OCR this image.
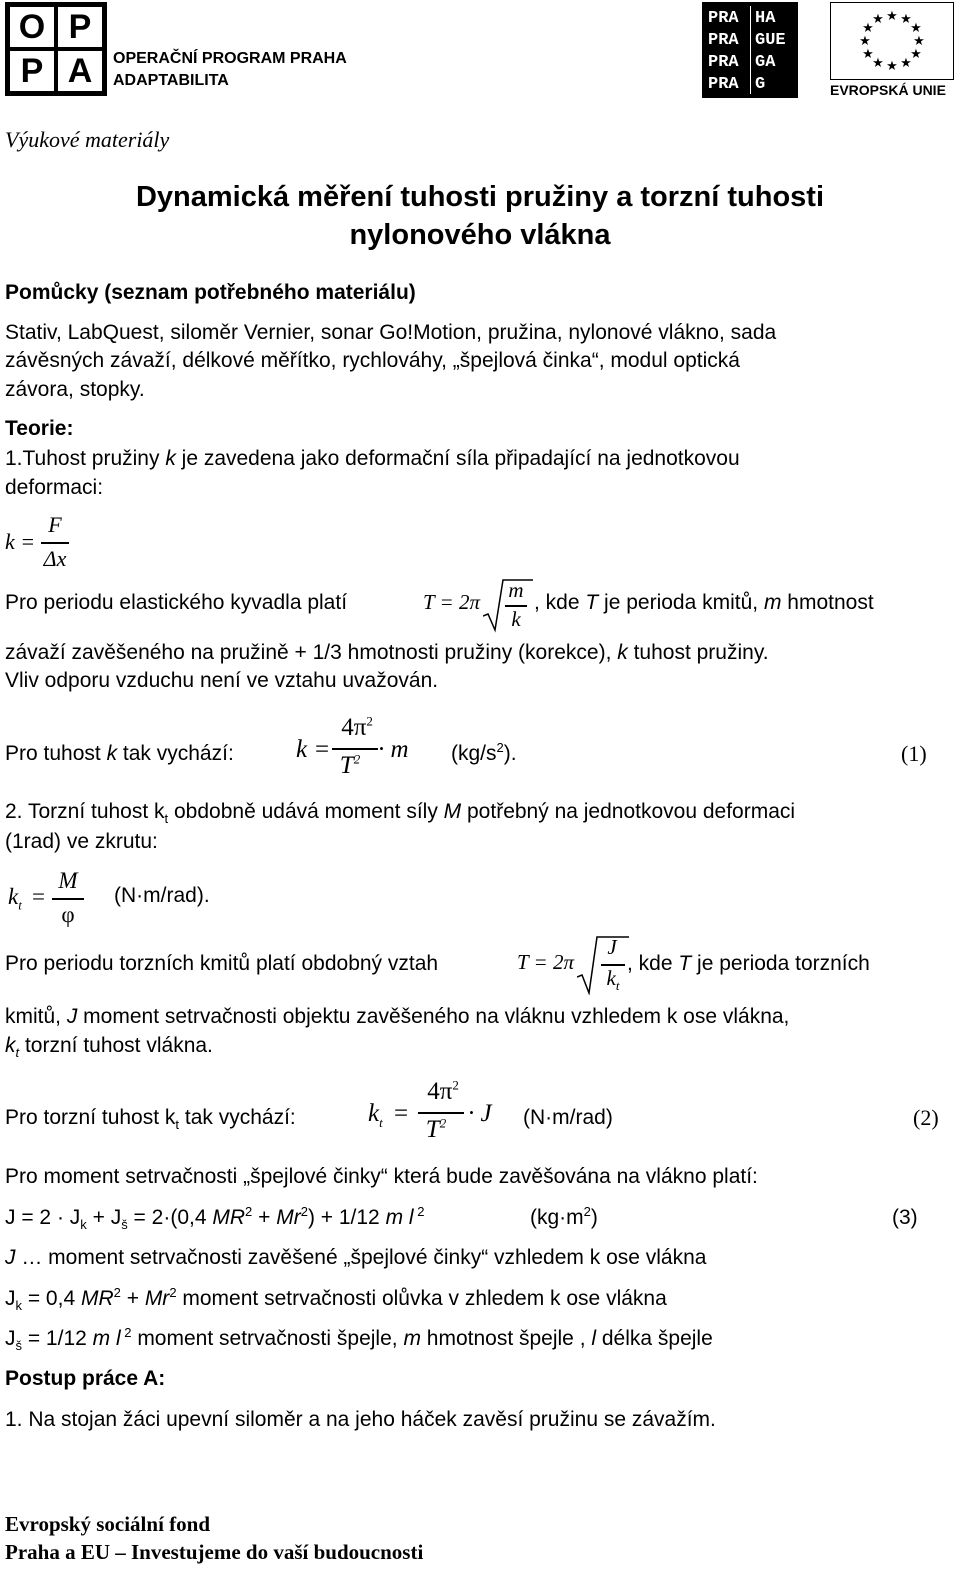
O P
P A	OPERAČNÍ PROGRAM PRAHA
ADAPTABILITA
PRA
PRA
PRA
PRA
HA
GUE
GA
G
★ ★
★
★
★
★
★
★
★
★
★
★
EVROPSKÁ UNIE
Výukové materiály
Dynamická měření tuhosti pružiny a torzní tuhosti
nylonového vlákna
Pomůcky (seznam potřebného materiálu)
Stativ, LabQuest, siloměr Vernier, sonar Go!Motion, pružina, nylonové vlákno, sada
závěsných závaží, délkové měřítko, rychlováhy, „špejlová činka“, modul optická
závora, stopky.
Teorie:
1.Tuhost pružiny k je zavedena jako deformační síla připadající na jednotkovou
deformaci:
k =
F
Δx
Pro periodu elastického kyvadla platí	T = 2π m
k
, kde T je perioda kmitů, m hmotnost
závaží zavěšeného na pružině + 1/3 hmotnosti pružiny (korekce), k tuhost pružiny.
Vliv odporu vzduchu není ve vztahu uvažován.
Pro tuhost k tak vychází: k =
$4\pi^2$
$T^2 \cdot m$ $(kg/s^2)$.	(1)
2. Torzní tuhost $k_t$ obdobně udává moment síly M potřebný na jednotkovou deformaci
(1rad) ve zkrutu:
$k_t$ =
M
φ
(N·m/rad).
Pro periodu torzních kmitů platí obdobný vztah	T = 2π
J
$k_t$
, kde T je perioda torzních
kmitů, J moment setrvačnosti objektu zavěšeného na vláknu vzhledem k ose vlákna,
$k_t$ torzní tuhost vlákna.
Pro torzní tuhost $k_t$ tak vychází:	$k_t$ =
$4\pi^2$
$T^2 \cdot J$ (N·m/rad)	(2)
Pro moment setrvačnosti „špejlové činky“ která bude zavěšována na vlákno platí:
$J = 2 \cdot J_k + J_š = 2\cdot(0,4$ $MR^2 + Mr^2) + 1/12$ m l $^2$	$(kg\cdot m^2)$	(3)
J … moment setrvačnosti zavěšené „špejlové činky“ vzhledem k ose vlákna
$J_k = 0,4$ $MR^2 + Mr^2$ moment setrvačnosti olůvka v zhledem k ose vlákna
$J_š = 1/12$ m l $^2$ moment setrvačnosti špejle, m hmotnost špejle , l délka špejle
Postup práce A:
1. Na stojan žáci upevní siloměr a na jeho háček zavěsí pružinu se závažím.
Evropský sociální fond
Praha a EU – Investujeme do vaší budoucnosti
